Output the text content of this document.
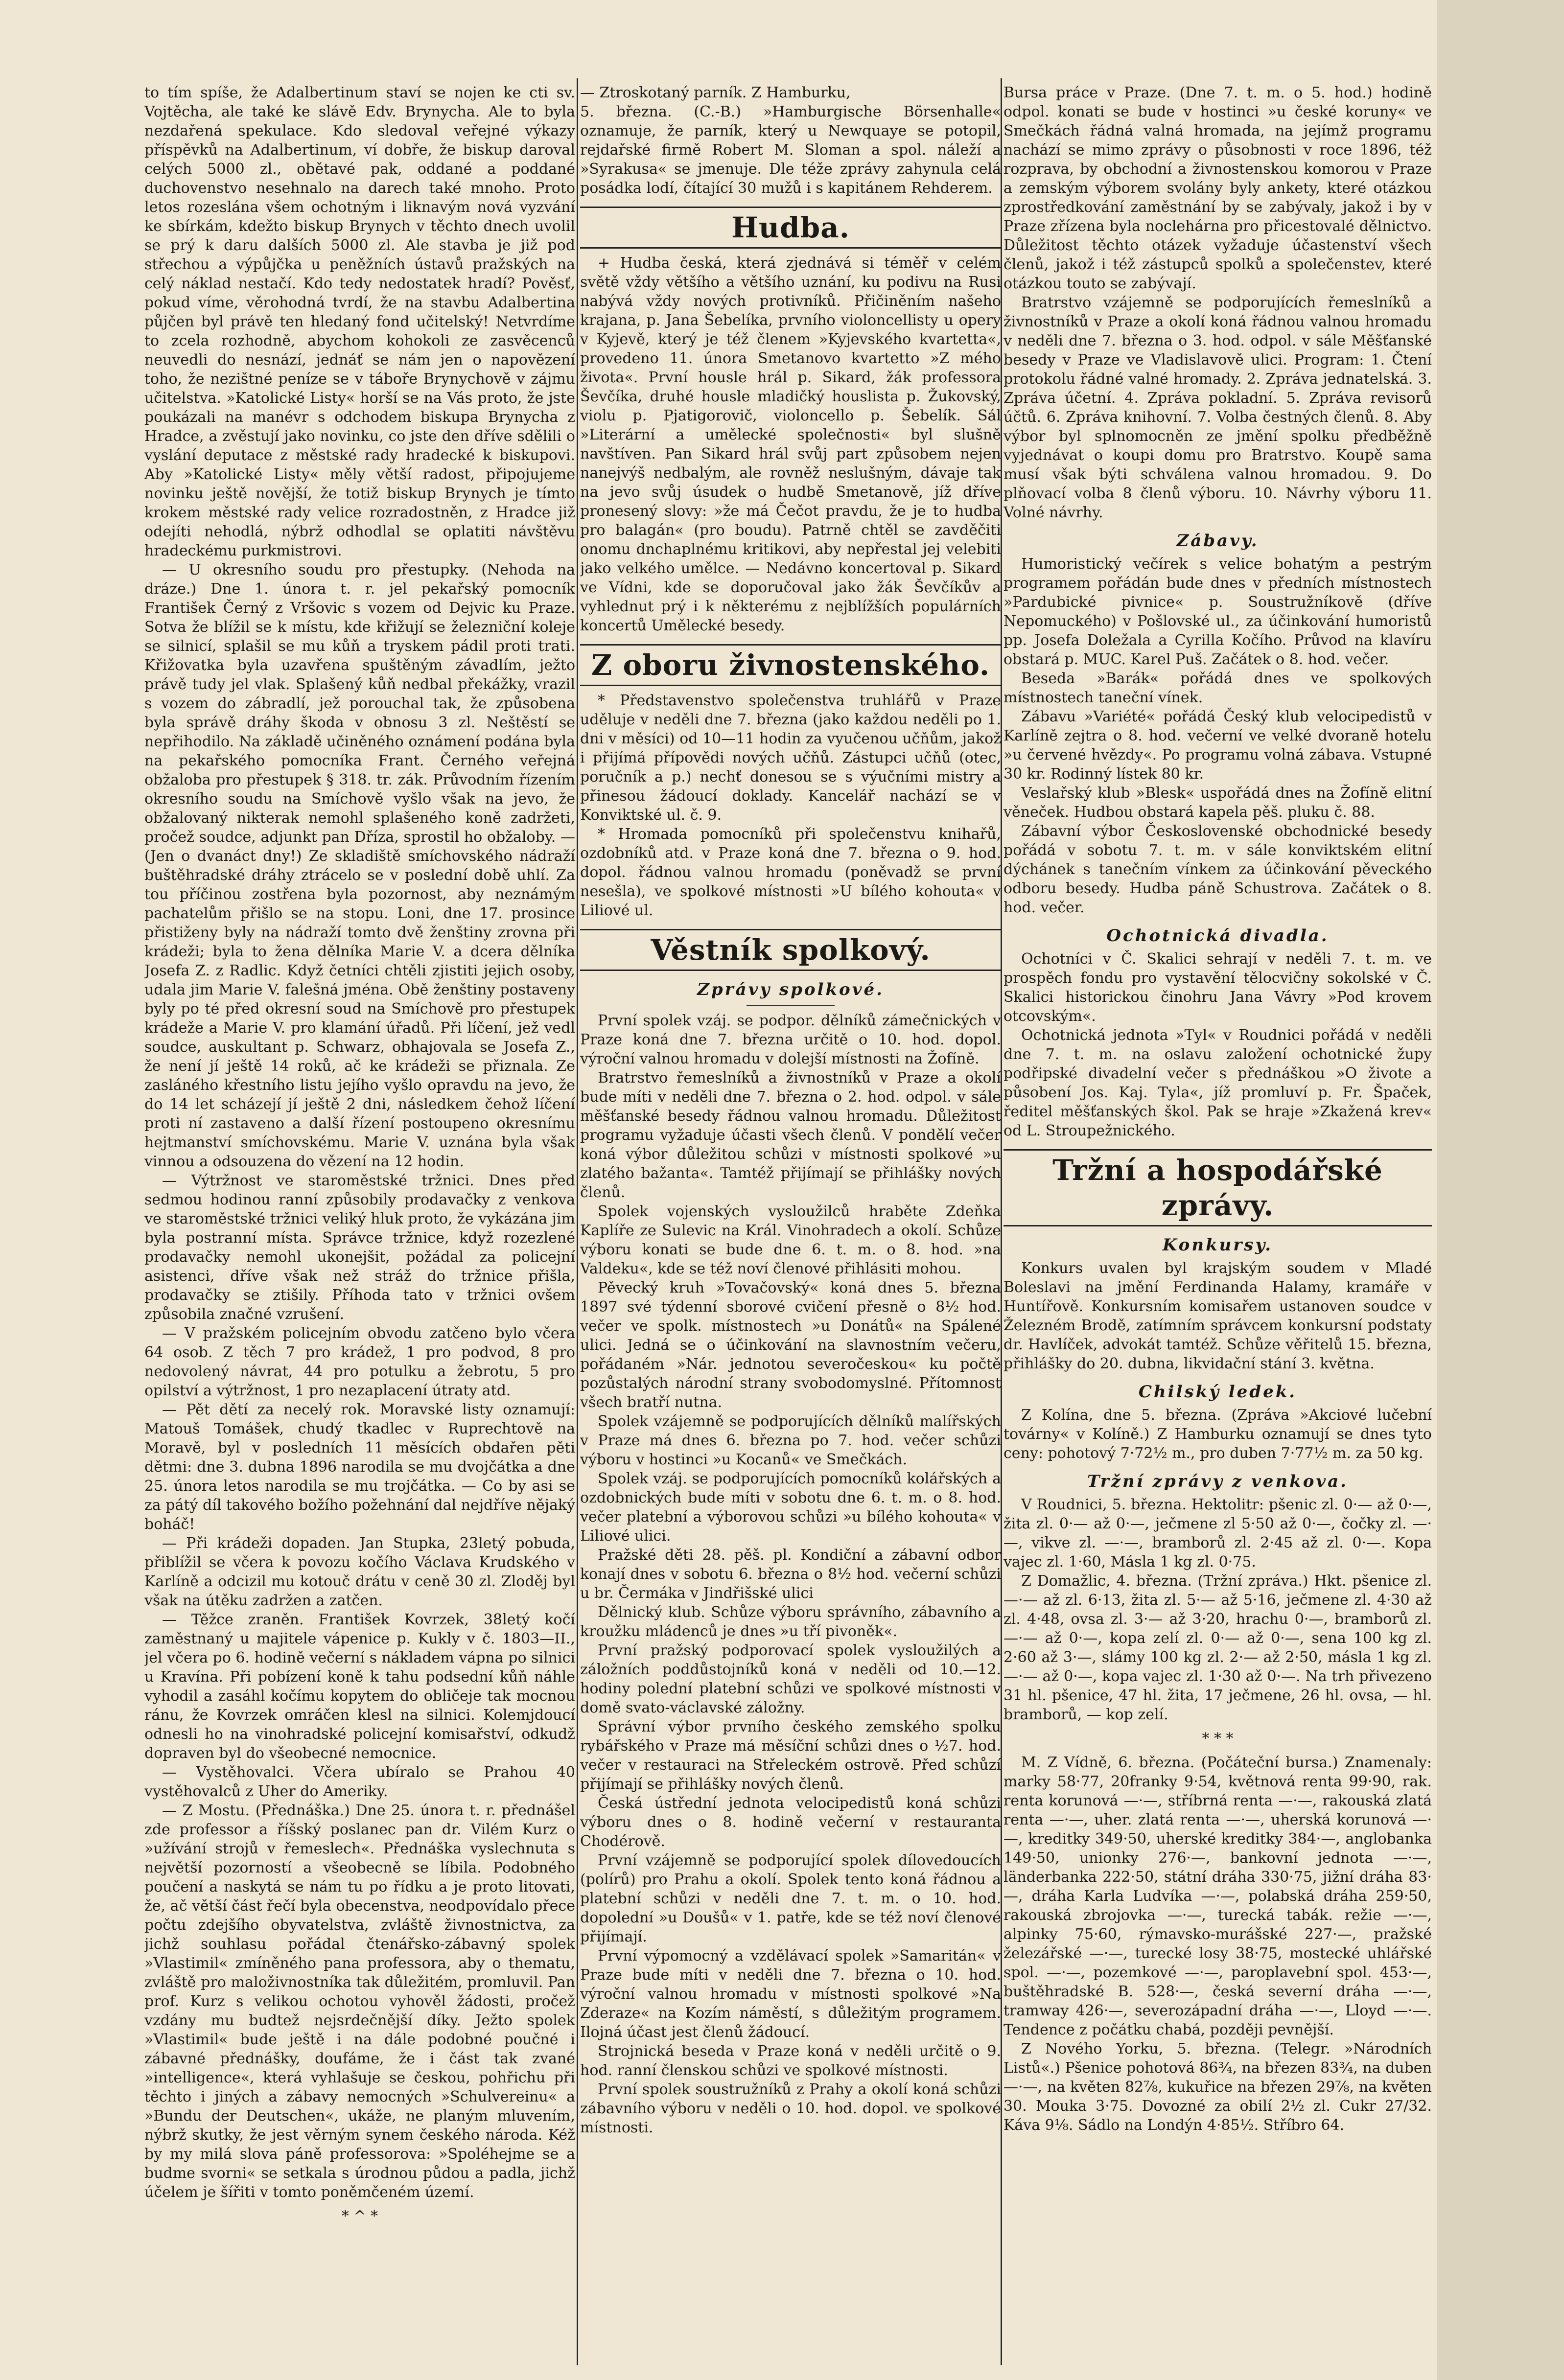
to tím spíše, že Adalbertinum staví se nojen ke cti sv. Vojtěcha, ale také ke slávě Edv. Brynycha. Ale to byla nezdařená spekulace. Kdo sledoval veřejné výkazy příspěvků na Adalbertinum, ví dobře, že biskup daroval celých 5000 zl., obětavé pak, oddané a poddané duchovenstvo nesehnalo na darech také mnoho. Proto letos rozeslána všem ochotným i liknavým nová vyzvání ke sbírkám, kdežto biskup Brynych v těchto dnech uvolil se prý k daru dalších 5000 zl. Ale stavba je již pod střechou a výpůjčka u peněžních ústavů pražských na celý náklad nestačí. Kdo tedy nedostatek hradí? Pověsť, pokud víme, věrohodná tvrdí, že na stavbu Adalbertina půjčen byl právě ten hledaný fond učitelský! Netvrdíme to zcela rozhodně, abychom kohokoli ze zasvěcenců neuvedli do nesnází, jednáť se nám jen o napovězení toho, že nezištné peníze se v táboře Brynychově v zájmu učitelstva. »Katolické Listy« horší se na Vás proto, že jste poukázali na manévr s odchodem biskupa Brynycha z Hradce, a zvěstují jako novinku, co jste den dříve sdělili o vyslání deputace z městské rady hradecké k biskupovi. Aby »Katolické Listy« měly větší radost, připojujeme novinku ještě novější, že totiž biskup Brynych je tímto krokem městské rady velice rozradostněn, z Hradce již odejíti nehodlá, nýbrž odhodlal se oplatiti návštěvu hradeckému purkmistrovi.

— U okresního soudu pro přestupky. (Nehoda na dráze.) Dne 1. února t. r. jel pekařský pomocník František Černý z Vršovic s vozem od Dejvic ku Praze. Sotva že blížil se k místu, kde křižují se železniční koleje se silnicí, splašil se mu kůň a tryskem pádil proti trati. Křižovatka byla uzavřena spuštěným závadlím, ježto právě tudy jel vlak. Splašený kůň nedbal překážky, vrazil s vozem do zábradlí, jež porouchal tak, že způsobena byla správě dráhy škoda v obnosu 3 zl. Neštěstí se nepřihodilo. Na základě učiněného oznámení podána byla na pekařského pomocníka Frant. Černého veřejná obžaloba pro přestupek § 318. tr. zák. Průvodním řízením okresního soudu na Smíchově vyšlo však na jevo, že obžalovaný nikterak nemohl splašeného koně zadržeti, pročež soudce, adjunkt pan Dříza, sprostil ho obžaloby. — (Jen o dvanáct dny!) Ze skladiště smíchovského nádraží buštěhradské dráhy ztrácelo se v poslední době uhlí. Za tou příčinou zostřena byla pozornost, aby neznámým pachatelům přišlo se na stopu. Loni, dne 17. prosince přistiženy byly na nádraží tomto dvě ženštiny zrovna při krádeži; byla to žena dělníka Marie V. a dcera dělníka Josefa Z. z Radlic. Když četníci chtěli zjistiti jejich osoby, udala jim Marie V. falešná jména. Obě ženštiny postaveny byly po té před okresní soud na Smíchově pro přestupek krádeže a Marie V. pro klamání úřadů. Při líčení, jež vedl soudce, auskultant p. Schwarz, obhajovala se Josefa Z., že není jí ještě 14 roků, ač ke krádeži se přiznala. Ze zasláného křestního listu jejího vyšlo opravdu na jevo, že do 14 let scházejí jí ještě 2 dni, následkem čehož líčení proti ní zastaveno a další řízení postoupeno okresnímu hejtmanství smíchovskému. Marie V. uznána byla však vinnou a odsouzena do vězení na 12 hodin.

— Výtržnost ve staroměstské tržnici. Dnes před sedmou hodinou ranní způsobily prodavačky z venkova ve staroměstské tržnici veliký hluk proto, že vykázána jim byla postranní místa. Správce tržnice, když rozezlené prodavačky nemohl ukonejšit, požádal za policejní asistenci, dříve však než stráž do tržnice přišla, prodavačky se ztišily. Příhoda tato v tržnici ovšem způsobila značné vzrušení.

— V pražském policejním obvodu zatčeno bylo včera 64 osob. Z těch 7 pro krádež, 1 pro podvod, 8 pro nedovolený návrat, 44 pro potulku a žebrotu, 5 pro opilství a výtržnost, 1 pro nezaplacení útraty atd.

— Pět dětí za necelý rok. Moravské listy oznamují: Matouš Tomášek, chudý tkadlec v Ruprechtově na Moravě, byl v posledních 11 měsících obdařen pěti dětmi: dne 3. dubna 1896 narodila se mu dvojčátka a dne 25. února letos narodila se mu trojčátka. — Co by asi se za pátý díl takového božího požehnání dal nejdříve nějaký boháč!

— Při krádeži dopaden. Jan Stupka, 23letý pobuda, přiblížil se včera k povozu kočího Václava Krudského v Karlíně a odcizil mu kotouč drátu v ceně 30 zl. Zloděj byl však na útěku zadržen a zatčen.

— Těžce zraněn. František Kovrzek, 38letý kočí zaměstnaný u majitele vápenice p. Kukly v č. 1803—II., jel včera po 6. hodině večerní s nákladem vápna po silnici u Kravína. Při pobízení koně k tahu podsední kůň náhle vyhodil a zasáhl kočímu kopytem do obličeje tak mocnou ránu, že Kovrzek omráčen klesl na silnici. Kolemjdoucí odnesli ho na vinohradské policejní komisařství, odkudž dopraven byl do všeobecné nemocnice.

— Vystěhovalci. Včera ubíralo se Prahou 40 vystěhovalců z Uher do Ameriky.

— Z Mostu. (Přednáška.) Dne 25. února t. r. přednášel zde professor a říšský poslanec pan dr. Vilém Kurz o »užívání strojů v řemeslech«. Přednáška vyslechnuta s největší pozorností a všeobecně se líbila. Podobného poučení a naskytá se nám tu po řídku a je proto litovati, že, ač větší část řečí byla obecenstva, neodpovídalo přece počtu zdejšího obyvatelstva, zvláště živnostnictva, za jichž souhlasu pořádal čtenářsko-zábavný spolek »Vlastimil« zmíněného pana professora, aby o thematu, zvláště pro maloživnostníka tak důležitém, promluvil. Pan prof. Kurz s velikou ochotou vyhověl žádosti, pročež vzdány mu budtež nejsrdečnější díky. Ježto spolek »Vlastimil« bude ještě i na dále podobné poučné i zábavné přednášky, doufáme, že i část tak zvané »intelligence«, která vyhlašuje se českou, pohřichu při těchto i jiných a zábavy nemocných »Schulvereinu« a »Bundu der Deutschen«, ukáže, ne planým mluvením, nýbrž skutky, že jest věrným synem českého národa. Kéž by my milá slova páně professorova: »Spoléhejme se a budme svorni« se setkala s úrodnou půdou a padla, jichž účelem je šířiti v tomto poněmčeném území.

* ^ *

— Ztroskotaný parník. Z Hamburku,

5. března. (C.-B.) »Hamburgische Börsenhalle« oznamuje, že parník, který u Newquaye se potopil, rejdařské firmě Robert M. Sloman a spol. náleží a »Syrakusa« se jmenuje. Dle téže zprávy zahynula celá posádka lodí, čítající 30 mužů i s kapitánem Rehderem.

Hudba.

+ Hudba česká, která zjednává si téměř v celém světě vždy většího a většího uznání, ku podivu na Rusi nabývá vždy nových protivníků. Přičiněním našeho krajana, p. Jana Šebelíka, prvního violoncellisty u opery v Kyjevě, který je též členem »Kyjevského kvartetta«, provedeno 11. února Smetanovo kvartetto »Z mého života«. První housle hrál p. Sikard, žák professora Ševčíka, druhé housle mladičký houslista p. Žukovský, violu p. Pjatigorovič, violoncello p. Šebelík. Sál »Literární a umělecké společnosti« byl slušně navštíven. Pan Sikard hrál svůj part způsobem nejen nanejvýš nedbalým, ale rovněž neslušným, dávaje tak na jevo svůj úsudek o hudbě Smetanově, jíž dříve pronesený slovy: »že má Čečot pravdu, že je to hudba pro balagán« (pro boudu). Patrně chtěl se zavděčiti onomu dnchaplnému kritikovi, aby nepřestal jej velebiti jako velkého umělce. — Nedávno koncertoval p. Sikard ve Vídni, kde se doporučoval jako žák Ševčíkův a vyhlednut prý i k některému z nejblížších populárních koncertů Umělecké besedy.

Z oboru živnostenského.

* Představenstvo společenstva truhlářů v Praze uděluje v neděli dne 7. března (jako každou neděli po 1. dni v měsíci) od 10—11 hodin za vyučenou učňům, jakož i přijímá přípovědi nových učňů. Zástupci učňů (otec, poručník a p.) nechť donesou se s výučními mistry a přinesou žádoucí doklady. Kancelář nachází se v Konviktské ul. č. 9.

* Hromada pomocníků při společenstvu knihařů, ozdobníků atd. v Praze koná dne 7. března o 9. hod. dopol. řádnou valnou hromadu (poněvadž se první nesešla), ve spolkové místnosti »U bílého kohouta« v Liliové ul.

Věstník spolkový.
Zprávy spolkové.

První spolek vzáj. se podpor. dělníků zámečnických v Praze koná dne 7. března určitě o 10. hod. dopol. výroční valnou hromadu v dolejší místnosti na Žofíně.

Bratrstvo řemeslníků a živnostníků v Praze a okolí bude míti v neděli dne 7. března o 2. hod. odpol. v sále měšťanské besedy řádnou valnou hromadu. Důležitost programu vyžaduje účasti všech členů. V pondělí večer koná výbor důležitou schůzi v místnosti spolkové »u zlatého bažanta«. Tamtéž přijímají se přihlášky nových členů.

Spolek vojenských vysloužilců hraběte Zdeňka Kaplíře ze Sulevic na Král. Vinohradech a okolí. Schůze výboru konati se bude dne 6. t. m. o 8. hod. »na Valdeku«, kde se též noví členové přihlásiti mohou.

Pěvecký kruh »Tovačovský« koná dnes 5. března 1897 své týdenní sborové cvičení přesně o 8½ hod. večer ve spolk. místnostech »u Donátů« na Spálené ulici. Jedná se o účinkování na slavnostním večeru, pořádaném »Nár. jednotou severočeskou« ku počtě pozůstalých národní strany svobodomyslné. Přítomnost všech bratří nutna.

Spolek vzájemně se podporujících dělníků malířských v Praze má dnes 6. března po 7. hod. večer schůzi výboru v hostinci »u Kocanů« ve Smečkách.

Spolek vzáj. se podporujících pomocníků kolářských a ozdobnických bude míti v sobotu dne 6. t. m. o 8. hod. večer platební a výborovou schůzi »u bílého kohouta« v Liliové ulici.

Pražské děti 28. pěš. pl. Kondiční a zábavní odbor konají dnes v sobotu 6. března o 8½ hod. večerní schůzi u br. Čermáka v Jindřišské ulici

Dělnický klub. Schůze výboru správního, zábavního a kroužku mládenců je dnes »u tří pivoněk«.

První pražský podporovací spolek vysloužilých a záložních poddůstojníků koná v neděli od 10.—12. hodiny polední platební schůzi ve spolkové místnosti v domě svato-václavské záložny.

Správní výbor prvního českého zemského spolku rybářského v Praze má měsíční schůzi dnes o ½7. hod. večer v restauraci na Střeleckém ostrově. Před schůzí přijímají se přihlášky nových členů.

Česká ústřední jednota velocipedistů koná schůzi výboru dnes o 8. hodině večerní v restauranta Chodérově.

První vzájemně se podporující spolek dílovedoucích (polírů) pro Prahu a okolí. Spolek tento koná řádnou a platební schůzi v neděli dne 7. t. m. o 10. hod. dopolední »u Doušů« v 1. patře, kde se též noví členové přijímají.

První výpomocný a vzdělávací spolek »Samaritán« v Praze bude míti v neděli dne 7. března o 10. hod. výroční valnou hromadu v místnosti spolkové »Na Zderaze« na Kozím náměstí, s důležitým programem. Ilojná účast jest členů žádoucí.

Strojnická beseda v Praze koná v neděli určitě o 9. hod. ranní členskou schůzi ve spolkové místnosti.

První spolek soustružníků z Prahy a okolí koná schůzi zábavního výboru v neděli o 10. hod. dopol. ve spolkové místnosti.

Bursa práce v Praze. (Dne 7. t. m. o 5. hod.) hodině odpol. konati se bude v hostinci »u české koruny« ve Smečkách řádná valná hromada, na jejímž programu nachází se mimo zprávy o působnosti v roce 1896, též rozprava, by obchodní a živnostenskou komorou v Praze a zemským výborem svolány byly ankety, které otázkou zprostředkování zaměstnání by se zabývaly, jakož i by v Praze zřízena byla noclehárna pro přicestovalé dělnictvo. Důležitost těchto otázek vyžaduje účastenství všech členů, jakož i též zástupců spolků a společenstev, které otázkou touto se zabývají.

Bratrstvo vzájemně se podporujících řemeslníků a živnostníků v Praze a okolí koná řádnou valnou hromadu v neděli dne 7. března o 3. hod. odpol. v sále Měšťanské besedy v Praze ve Vladislavově ulici. Program: 1. Čtení protokolu řádné valné hromady. 2. Zpráva jednatelská. 3. Zpráva účetní. 4. Zpráva pokladní. 5. Zpráva revisorů účtů. 6. Zpráva knihovní. 7. Volba čestných členů. 8. Aby výbor byl splnomocněn ze jmění spolku předběžně vyjednávat o koupi domu pro Bratrstvo. Koupě sama musí však býti schválena valnou hromadou. 9. Do plňovací volba 8 členů výboru. 10. Návrhy výboru 11. Volné návrhy.

Zábavy.

Humoristický večírek s velice bohatým a pestrým programem pořádán bude dnes v předních místnostech »Pardubické pivnice« p. Soustružníkově (dříve Nepomuckého) v Pošlovské ul., za účinkování humoristů pp. Josefa Doležala a Cyrilla Kočího. Průvod na klavíru obstará p. MUC. Karel Puš. Začátek o 8. hod. večer.

Beseda »Barák« pořádá dnes ve spolkových místnostech taneční vínek.

Zábavu »Variété« pořádá Český klub velocipedistů v Karlíně zejtra o 8. hod. večerní ve velké dvoraně hotelu »u červené hvězdy«. Po programu volná zábava. Vstupné 30 kr. Rodinný lístek 80 kr.

Veslařský klub »Blesk« uspořádá dnes na Žofíně elitní věneček. Hudbou obstará kapela pěš. pluku č. 88.

Zábavní výbor Československé obchodnické besedy pořádá v sobotu 7. t. m. v sále konviktském elitní dýchánek s tanečním vínkem za účinkování pěveckého odboru besedy. Hudba páně Schustrova. Začátek o 8. hod. večer.

Ochotnická divadla.

Ochotníci v Č. Skalici sehrají v neděli 7. t. m. ve prospěch fondu pro vystavění tělocvičny sokolské v Č. Skalici historickou činohru Jana Vávry »Pod krovem otcovským«.

Ochotnická jednota »Tyl« v Roudnici pořádá v neděli dne 7. t. m. na oslavu založení ochotnické župy podřipské divadelní večer s přednáškou »O živote a působení Jos. Kaj. Tyla«, jíž promluví p. Fr. Špaček, ředitel měšťanských škol. Pak se hraje »Zkažená krev« od L. Stroupežnického.

Tržní a hospodářské zprávy.
Konkursy.

Konkurs uvalen byl krajským soudem v Mladé Boleslavi na jmění Ferdinanda Halamy, kramáře v Huntířově. Konkursním komisařem ustanoven soudce v Železném Brodě, zatímním správcem konkursní podstaty dr. Havlíček, advokát tamtéž. Schůze věřitelů 15. března, přihlášky do 20. dubna, likvidační stání 3. května.

Chilský ledek.

Z Kolína, dne 5. března. (Zpráva »Akciové lučební továrny« v Kolíně.) Z Hamburku oznamují se dnes tyto ceny: pohotový 7·72½ m., pro duben 7·77½ m. za 50 kg.

Tržní zprávy z venkova.

V Roudnici, 5. března. Hektolitr: pšenic zl. 0·— až 0·—, žita zl. 0·— až 0·—, ječmene zl 5·50 až 0·—, čočky zl. —·—, vikve zl. —·—, bramborů zl. 2·45 až zl. 0·—. Kopa vajec zl. 1·60, Másla 1 kg zl. 0·75.

Z Domažlic, 4. března. (Tržní zpráva.) Hkt. pšenice zl. —·— až zl. 6·13, žita zl. 5·— až 5·16, ječmene zl. 4·30 až zl. 4·48, ovsa zl. 3·— až 3·20, hrachu 0·—, bramborů zl. —·— až 0·—, kopa zelí zl. 0·— až 0·—, sena 100 kg zl. 2·60 až 3·—, slámy 100 kg zl. 2·— až 2·50, másla 1 kg zl. —·— až 0·—, kopa vajec zl. 1·30 až 0·—. Na trh přivezeno 31 hl. pšenice, 47 hl. žita, 17 ječmene, 26 hl. ovsa, — hl. bramborů, — kop zelí.

* * *

M. Z Vídně, 6. března. (Počáteční bursa.) Znamenaly: marky 58·77, 20franky 9·54, květnová renta 99·90, rak. renta korunová —·—, stříbrná renta —·—, rakouská zlatá renta —·—, uher. zlatá renta —·—, uherská korunová —·—, kreditky 349·50, uherské kreditky 384·—, anglobanka 149·50, unionky 276·—, bankovní jednota —·—, länderbanka 222·50, státní dráha 330·75, jižní dráha 83·—, dráha Karla Ludvíka —·—, polabská dráha 259·50, rakouská zbrojovka —·—, turecká tabák. režie —·—, alpinky 75·60, rýmavsko-murášské 227·—, pražské železářské —·—, turecké losy 38·75, mostecké uhlářské spol. —·—, pozemkové —·—, paroplavební spol. 453·—, buštěhradské B. 528·—, česká severní dráha —·—, tramway 426·—, severozápadní dráha —·—, Lloyd —·—. Tendence z počátku chabá, později pevnější.

Z Nového Yorku, 5. března. (Telegr. »Národních Listů«.) Pšenice pohotová 86¾, na březen 83¾, na duben —·—, na květen 82⅞, kukuřice na březen 29⅞, na květen 30. Mouka 3·75. Dovozné za obilí 2½ zl. Cukr 27/32. Káva 9⅛. Sádlo na Londýn 4·85½. Stříbro 64.
